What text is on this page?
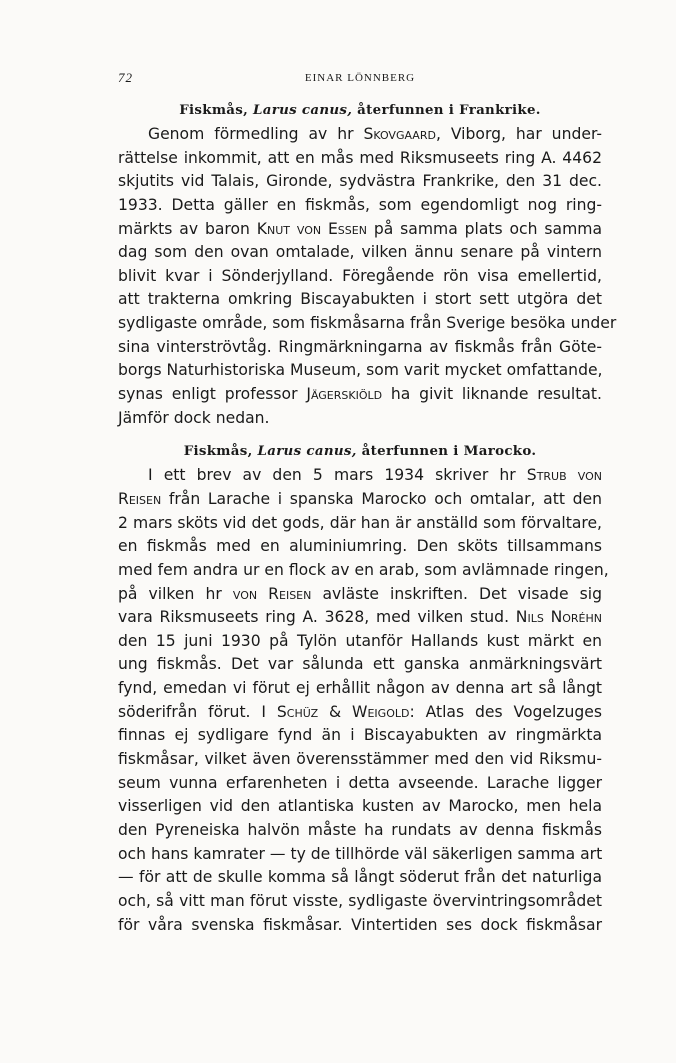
72	EINAR LÖNNBERG
Fiskmås, Larus canus, återfunnen i Frankrike.
Genom förmedling av hr Skovgaard, Viborg, har under-
rättelse inkommit, att en mås med Riksmuseets ring A. 4462
skjutits vid Talais, Gironde, sydvästra Frankrike, den 31 dec.
1933. Detta gäller en fiskmås, som egendomligt nog ring-
märkts av baron Knut von Essen på samma plats och samma
dag som den ovan omtalade, vilken ännu senare på vintern
blivit kvar i Sönderjylland. Föregående rön visa emellertid,
att trakterna omkring Biscayabukten i stort sett utgöra det
sydligaste område, som fiskmåsarna från Sverige besöka under
sina vinterströvtåg. Ringmärkningarna av fiskmås från Göte-
borgs Naturhistoriska Museum, som varit mycket omfattande,
synas enligt professor Jägerskiöld ha givit liknande resultat.
Jämför dock nedan.
Fiskmås, Larus canus, återfunnen i Marocko.
I ett brev av den 5 mars 1934 skriver hr Strub von
Reisen från Larache i spanska Marocko och omtalar, att den
2 mars sköts vid det gods, där han är anställd som förvaltare,
en fiskmås med en aluminiumring. Den sköts tillsammans
med fem andra ur en flock av en arab, som avlämnade ringen,
på vilken hr von Reisen avläste inskriften. Det visade sig
vara Riksmuseets ring A. 3628, med vilken stud. Nils Noréhn
den 15 juni 1930 på Tylön utanför Hallands kust märkt en
ung fiskmås. Det var sålunda ett ganska anmärkningsvärt
fynd, emedan vi förut ej erhållit någon av denna art så långt
söderifrån förut. I Schüz & Weigold: Atlas des Vogelzuges
finnas ej sydligare fynd än i Biscayabukten av ringmärkta
fiskmåsar, vilket även överensstämmer med den vid Riksmu-
seum vunna erfarenheten i detta avseende. Larache ligger
visserligen vid den atlantiska kusten av Marocko, men hela
den Pyreneiska halvön måste ha rundats av denna fiskmås
och hans kamrater — ty de tillhörde väl säkerligen samma art
— för att de skulle komma så långt söderut från det naturliga
och, så vitt man förut visste, sydligaste övervintringsområdet
för våra svenska fiskmåsar. Vintertiden ses dock fiskmåsar
